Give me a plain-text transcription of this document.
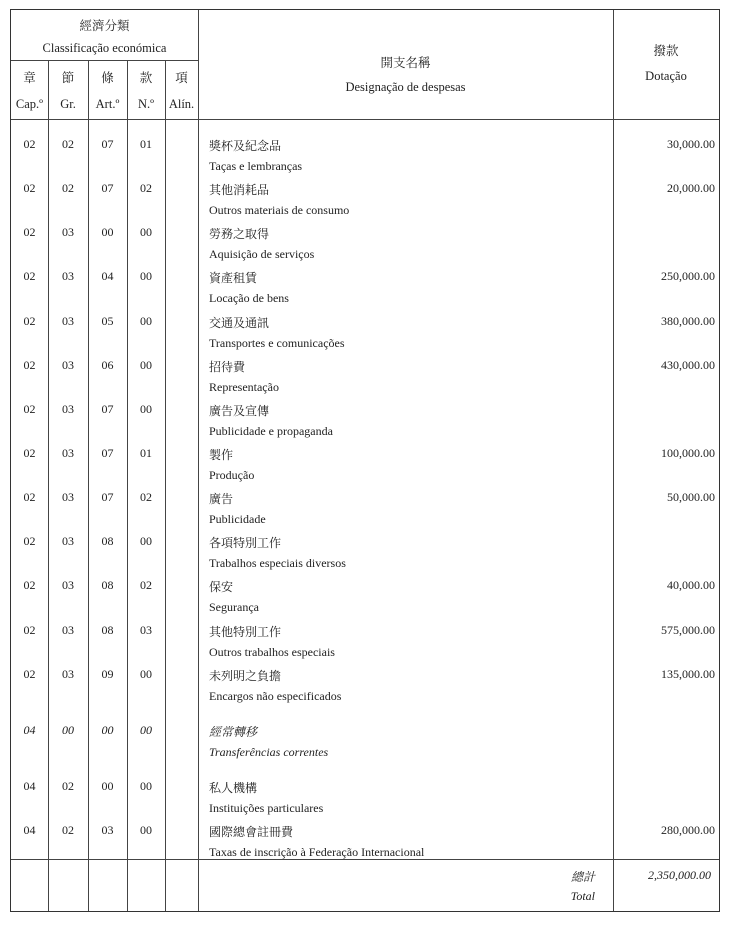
經濟分類
Classificação económica
章
Cap.º
節
Gr.
條
Art.º
款
N.º
項
Alín.
開支名稱
Designação de despesas
撥款
Dotação
02	02	07	01	獎杯及紀念品
Taças e lembranças
30,000.00
02	02	07	02	其他消耗品
Outros materiais de consumo
20,000.00
02	03	00	00	勞務之取得
Aquisição de serviços
02	03	04	00	資產租賃
Locação de bens
250,000.00
02	03	05	00	交通及通訊
Transportes e comunicações
380,000.00
02	03	06	00	招待費
Representação
430,000.00
02	03	07	00	廣告及宣傳
Publicidade e propaganda
02	03	07	01	製作
Produção
100,000.00
02	03	07	02	廣告
Publicidade
50,000.00
02	03	08	00	各項特別工作
Trabalhos especiais diversos
02	03	08	02	保安
Segurança
40,000.00
02	03	08	03	其他特別工作
Outros trabalhos especiais
575,000.00
02	03	09	00	未列明之負擔
Encargos não especificados
135,000.00
04	00	00	00	經常轉移
Transferências correntes
04	02	00	00	私人機構
Instituições particulares
04	02	03	00	國際總會註冊費
Taxas de inscrição à Federação Internacional
280,000.00
總計
Total
2,350,000.00
